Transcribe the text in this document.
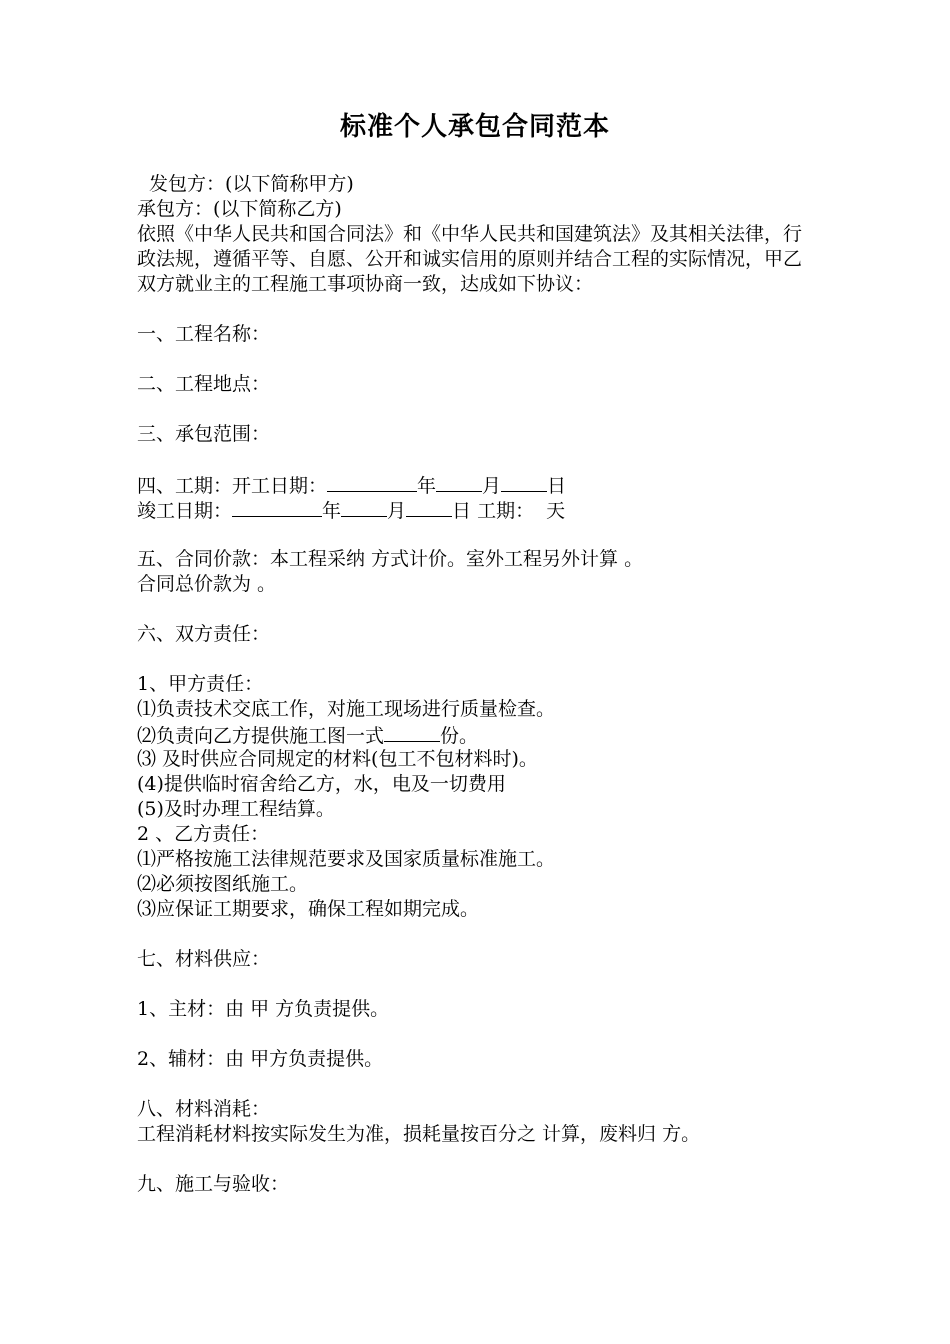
标准个人承包合同范本
发包方：(以下简称甲方)
承包方：(以下简称乙方)
依照《中华人民共和国合同法》和《中华人民共和国建筑法》及其相关法律，行政法规，遵循平等、自愿、公开和诚实信用的原则并结合工程的实际情况，甲乙双方就业主的工程施工事项协商一致，达成如下协议：
一、工程名称：
二、工程地点：
三、承包范围：
四、工期：开工日期：	年 月 日
竣工日期：	年 月 日 工期：  天
五、合同价款：本工程采纳 方式计价。室外工程另外计算 。
合同总价款为 。
六、双方责任：
1、甲方责任：
⑴负责技术交底工作，对施工现场进行质量检查。
⑵负责向乙方提供施工图一式	份。
⑶ 及时供应合同规定的材料(包工不包材料时)。
(4)提供临时宿舍给乙方，水，电及一切费用
(5)及时办理工程结算。
2 、乙方责任：
⑴严格按施工法律规范要求及国家质量标准施工。
⑵必须按图纸施工。
⑶应保证工期要求，确保工程如期完成。
七、材料供应：
1、主材：由 甲 方负责提供。
2、辅材：由 甲方负责提供。
八、材料消耗：
工程消耗材料按实际发生为准，损耗量按百分之 计算，废料归 方。
九、施工与验收：
